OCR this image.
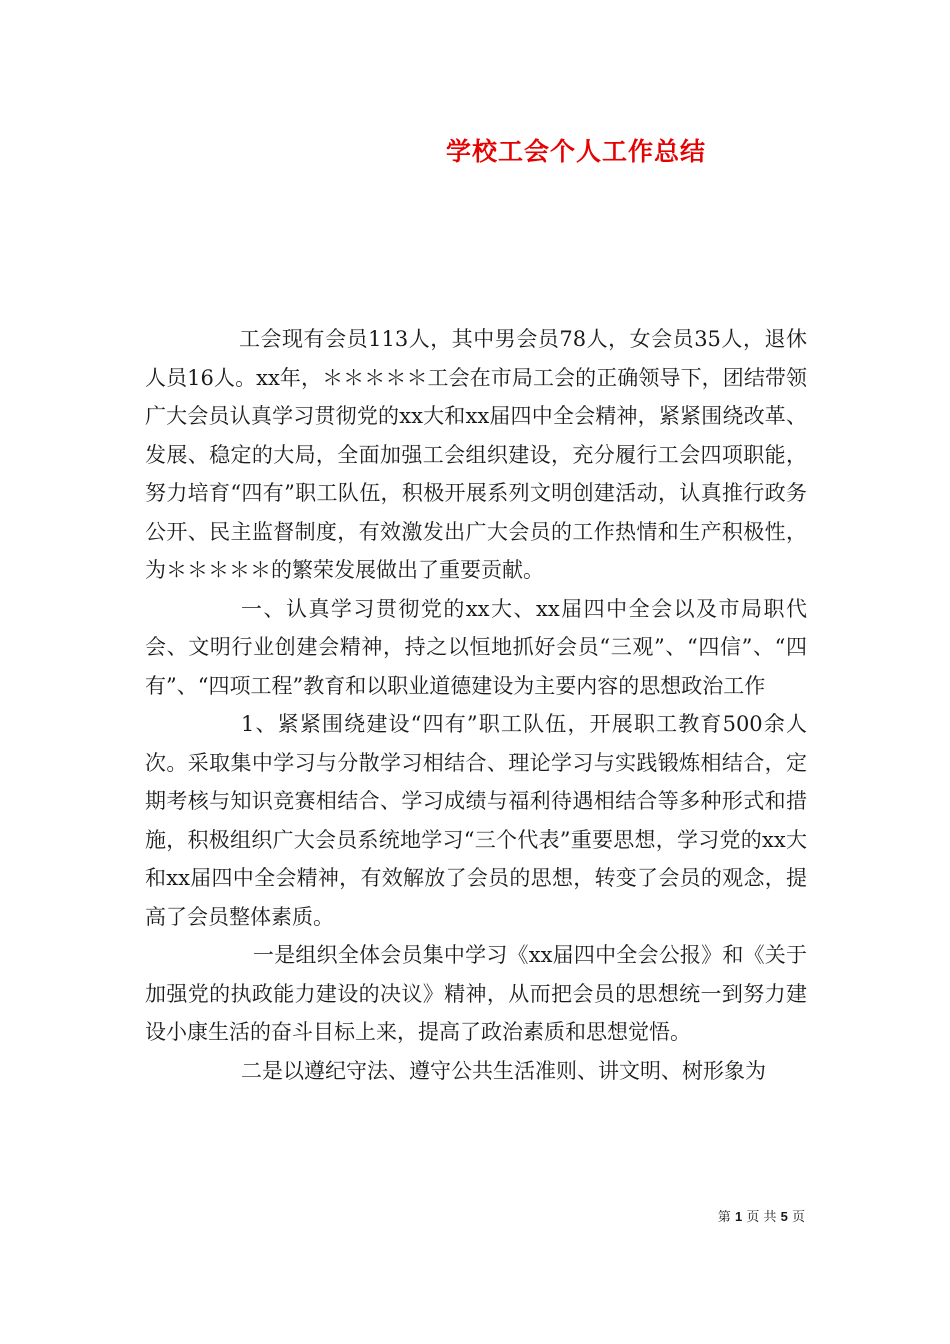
学校工会个人工作总结

工会现有会员113人，其中男会员78人，女会员35人，退休人员16人。xx年，＊＊＊＊＊工会在市局工会的正确领导下，团结带领广大会员认真学习贯彻党的xx大和xx届四中全会精神，紧紧围绕改革、发展、稳定的大局，全面加强工会组织建设，充分履行工会四项职能，努力培育“四有”职工队伍，积极开展系列文明创建活动，认真推行政务公开、民主监督制度，有效激发出广大会员的工作热情和生产积极性，为＊＊＊＊＊的繁荣发展做出了重要贡献。

一、认真学习贯彻党的xx大、xx届四中全会以及市局职代会、文明行业创建会精神，持之以恒地抓好会员“三观”、“四信”、“四有”、“四项工程”教育和以职业道德建设为主要内容的思想政治工作

1、紧紧围绕建设“四有”职工队伍，开展职工教育500余人次。采取集中学习与分散学习相结合、理论学习与实践锻炼相结合，定期考核与知识竞赛相结合、学习成绩与福利待遇相结合等多种形式和措施，积极组织广大会员系统地学习“三个代表”重要思想，学习党的xx大和xx届四中全会精神，有效解放了会员的思想，转变了会员的观念，提高了会员整体素质。

一是组织全体会员集中学习《xx届四中全会公报》和《关于加强党的执政能力建设的决议》精神，从而把会员的思想统一到努力建设小康生活的奋斗目标上来，提高了政治素质和思想觉悟。

二是以遵纪守法、遵守公共生活准则、讲文明、树形象为

第 1 页 共 5 页
